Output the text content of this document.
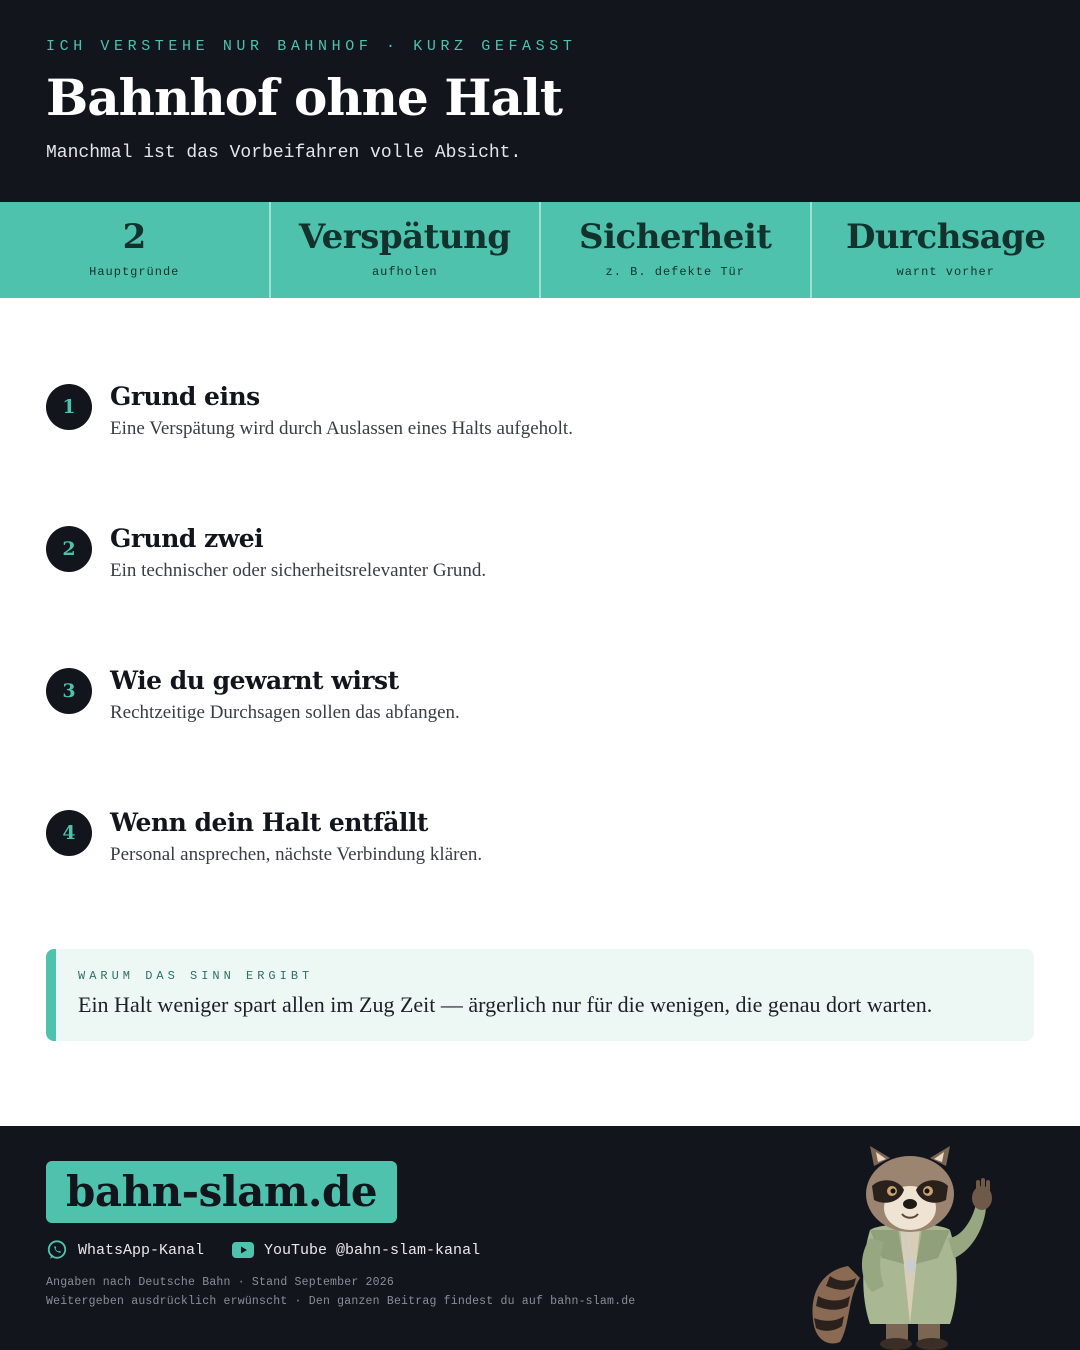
ICH VERSTEHE NUR BAHNHOF · KURZ GEFASST
Bahnhof ohne Halt
Manchmal ist das Vorbeifahren volle Absicht.
2
Hauptgründe
Verspätung
aufholen
Sicherheit
z. B. defekte Tür
Durchsage
warnt vorher
1	Grund eins
Eine Verspätung wird durch Auslassen eines Halts aufgeholt.
2	Grund zwei
Ein technischer oder sicherheitsrelevanter Grund.
3	Wie du gewarnt wirst
Rechtzeitige Durchsagen sollen das abfangen.
4	Wenn dein Halt entfällt
Personal ansprechen, nächste Verbindung klären.
WARUM DAS SINN ERGIBT
Ein Halt weniger spart allen im Zug Zeit — ärgerlich nur für die wenigen, die genau dort warten.
bahn-slam.de
WhatsApp-Kanal	YouTube @bahn-slam-kanal
Angaben nach Deutsche Bahn · Stand September 2026
Weitergeben ausdrücklich erwünscht · Den ganzen Beitrag findest du auf bahn-slam.de
